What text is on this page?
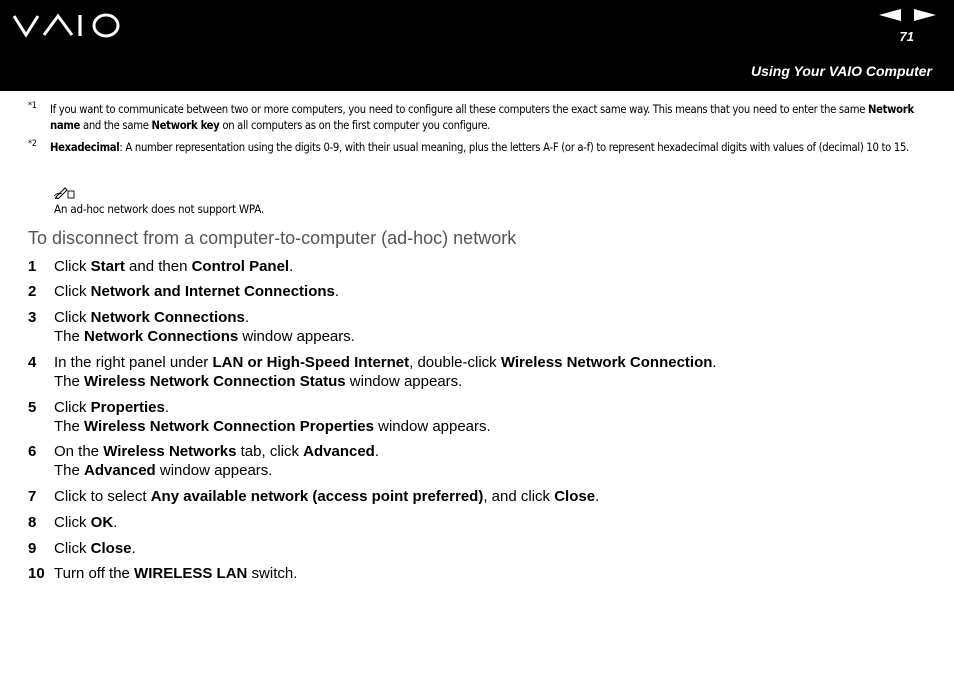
71
Using Your VAIO Computer
*1 If you want to communicate between two or more computers, you need to configure all these computers the exact same way. This means that you need to enter the same Network name and the same Network key on all computers as on the first computer you configure.
*2 Hexadecimal: A number representation using the digits 0-9, with their usual meaning, plus the letters A-F (or a-f) to represent hexadecimal digits with values of (decimal) 10 to 15.
An ad-hoc network does not support WPA.
To disconnect from a computer-to-computer (ad-hoc) network
1 Click Start and then Control Panel.
2 Click Network and Internet Connections.
3 Click Network Connections.
The Network Connections window appears.
4 In the right panel under LAN or High-Speed Internet, double-click Wireless Network Connection.
The Wireless Network Connection Status window appears.
5 Click Properties.
The Wireless Network Connection Properties window appears.
6 On the Wireless Networks tab, click Advanced.
The Advanced window appears.
7 Click to select Any available network (access point preferred), and click Close.
8 Click OK.
9 Click Close.
10 Turn off the WIRELESS LAN switch.
